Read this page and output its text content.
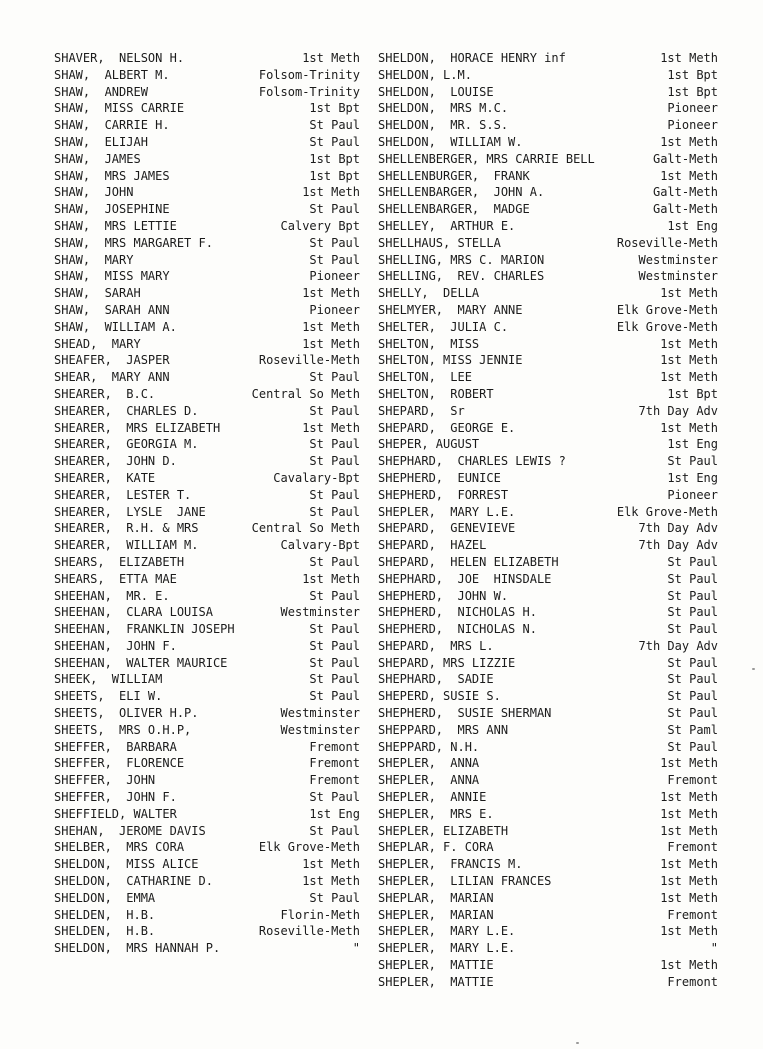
SHAVER,  NELSON H.	1st Meth
SHAW,  ALBERT M.	Folsom-Trinity
SHAW,  ANDREW	Folsom-Trinity
SHAW,  MISS CARRIE	1st Bpt
SHAW,  CARRIE H.	St Paul
SHAW,  ELIJAH	St Paul
SHAW,  JAMES	1st Bpt
SHAW,  MRS JAMES	1st Bpt
SHAW,  JOHN	1st Meth
SHAW,  JOSEPHINE	St Paul
SHAW,  MRS LETTIE	Calvery Bpt
SHAW,  MRS MARGARET F.	St Paul
SHAW,  MARY	St Paul
SHAW,  MISS MARY	Pioneer
SHAW,  SARAH	1st Meth
SHAW,  SARAH ANN	Pioneer
SHAW,  WILLIAM A.	1st Meth
SHEAD,  MARY	1st Meth
SHEAFER,  JASPER	Roseville-Meth
SHEAR,  MARY ANN	St Paul
SHEARER,  B.C.	Central So Meth
SHEARER,  CHARLES D.	St Paul
SHEARER,  MRS ELIZABETH	1st Meth
SHEARER,  GEORGIA M.	St Paul
SHEARER,  JOHN D.	St Paul
SHEARER,  KATE	Cavalary-Bpt
SHEARER,  LESTER T.	St Paul
SHEARER,  LYSLE  JANE	St Paul
SHEARER,  R.H. & MRS	Central So Meth
SHEARER,  WILLIAM M.	Calvary-Bpt
SHEARS,  ELIZABETH	St Paul
SHEARS,  ETTA MAE	1st Meth
SHEEHAN,  MR. E.	St Paul
SHEEHAN,  CLARA LOUISA	Westminster
SHEEHAN,  FRANKLIN JOSEPH	St Paul
SHEEHAN,  JOHN F.	St Paul
SHEEHAN,  WALTER MAURICE	St Paul
SHEEK,  WILLIAM	St Paul
SHEETS,  ELI W.	St Paul
SHEETS,  OLIVER H.P.	Westminster
SHEETS,  MRS O.H.P,	Westminster
SHEFFER,  BARBARA	Fremont
SHEFFER,  FLORENCE	Fremont
SHEFFER,  JOHN	Fremont
SHEFFER,  JOHN F.	St Paul
SHEFFIELD, WALTER	1st Eng
SHEHAN,  JEROME DAVIS	St Paul
SHELBER,  MRS CORA	Elk Grove-Meth
SHELDON,  MISS ALICE	1st Meth
SHELDON,  CATHARINE D.	1st Meth
SHELDON,  EMMA	St Paul
SHELDEN,  H.B.	Florin-Meth
SHELDEN,  H.B.	Roseville-Meth
SHELDON,  MRS HANNAH P.	"
SHELDON,  HORACE HENRY inf	1st Meth
SHELDON, L.M.	1st Bpt
SHELDON,  LOUISE	1st Bpt
SHELDON,  MRS M.C.	Pioneer
SHELDON,  MR. S.S.	Pioneer
SHELDON,  WILLIAM W.	1st Meth
SHELLENBERGER, MRS CARRIE BELL	Galt-Meth
SHELLENBURGER,  FRANK	1st Meth
SHELLENBARGER,  JOHN A.	Galt-Meth
SHELLENBARGER,  MADGE	Galt-Meth
SHELLEY,  ARTHUR E.	1st Eng
SHELLHAUS, STELLA	Roseville-Meth
SHELLING, MRS C. MARION	Westminster
SHELLING,  REV. CHARLES	Westminster
SHELLY,  DELLA	1st Meth
SHELMYER,  MARY ANNE	Elk Grove-Meth
SHELTER,  JULIA C.	Elk Grove-Meth
SHELTON,  MISS	1st Meth
SHELTON, MISS JENNIE	1st Meth
SHELTON,  LEE	1st Meth
SHELTON,  ROBERT	1st Bpt
SHEPARD,  Sr	7th Day Adv
SHEPARD,  GEORGE E.	1st Meth
SHEPER, AUGUST	1st Eng
SHEPHARD,  CHARLES LEWIS ?	St Paul
SHEPHERD,  EUNICE	1st Eng
SHEPHERD,  FORREST	Pioneer
SHEPLER,  MARY L.E.	Elk Grove-Meth
SHEPARD,  GENEVIEVE	7th Day Adv
SHEPARD,  HAZEL	7th Day Adv
SHEPARD,  HELEN ELIZABETH	St Paul
SHEPHARD,  JOE  HINSDALE	St Paul
SHEPHERD,  JOHN W.	St Paul
SHEPHERD,  NICHOLAS H.	St Paul
SHEPHERD,  NICHOLAS N.	St Paul
SHEPARD,  MRS L.	7th Day Adv
SHEPARD, MRS LIZZIE	St Paul
SHEPHARD,  SADIE	St Paul
SHEPERD, SUSIE S.	St Paul
SHEPHERD,  SUSIE SHERMAN	St Paul
SHEPPARD,  MRS ANN	St Paml
SHEPPARD, N.H.	St Paul
SHEPLER,  ANNA	1st Meth
SHEPLER,  ANNA	Fremont
SHEPLER,  ANNIE	1st Meth
SHEPLER,  MRS E.	1st Meth
SHEPLER, ELIZABETH	1st Meth
SHEPLAR, F. CORA	Fremont
SHEPLER,  FRANCIS M.	1st Meth
SHEPLER,  LILIAN FRANCES	1st Meth
SHEPLAR,  MARIAN	1st Meth
SHEPLER,  MARIAN	Fremont
SHEPLER,  MARY L.E.	1st Meth
SHEPLER,  MARY L.E.	"
SHEPLER,  MATTIE	1st Meth
SHEPLER,  MATTIE	Fremont
